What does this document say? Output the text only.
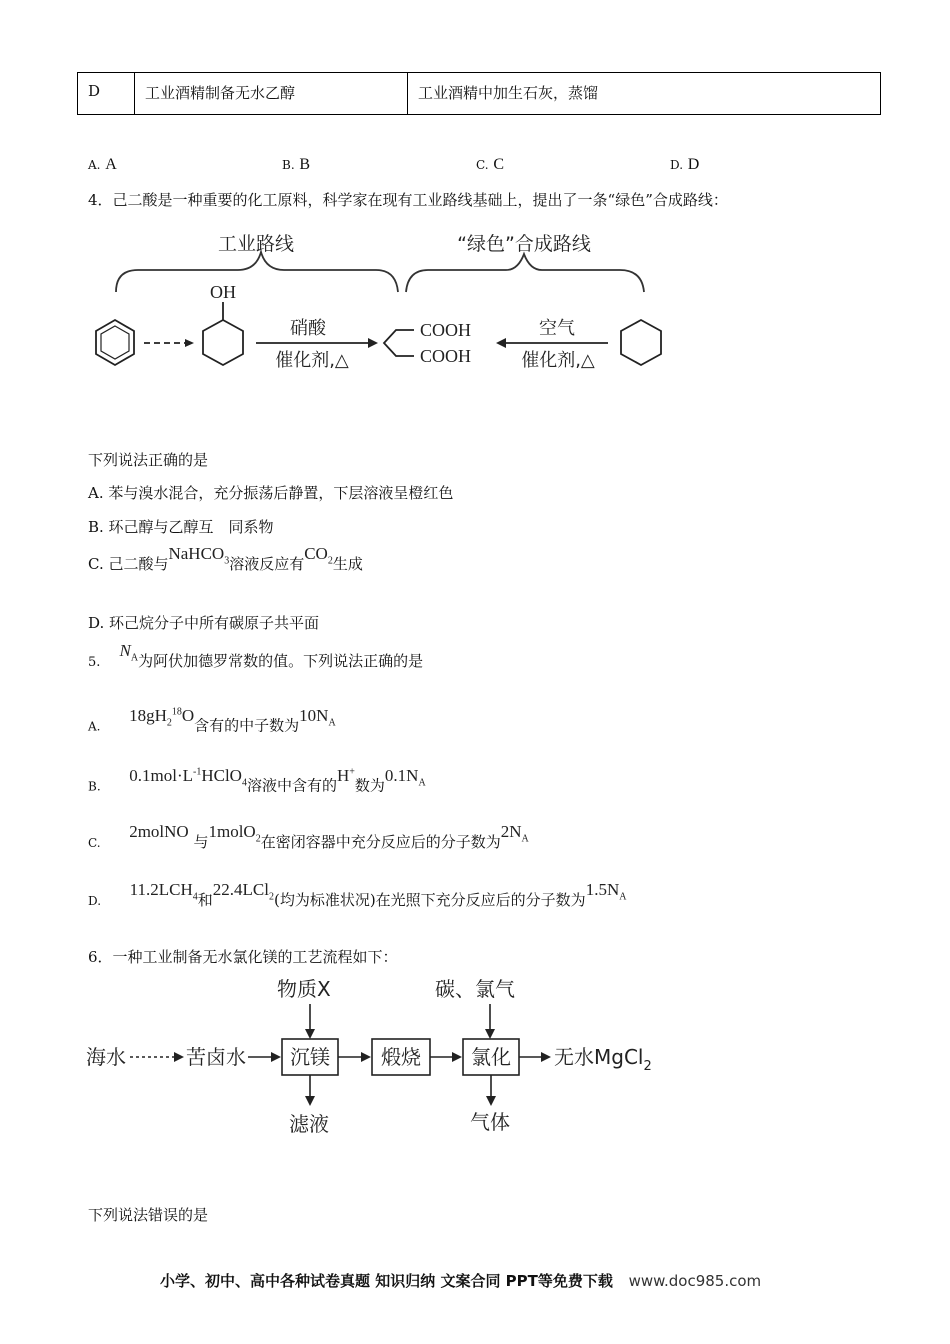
D	工业酒精制备无水乙醇	工业酒精中加生石灰，蒸馏
A. A	B. B	C. C	D. D
4．己二酸是一种重要的化工原料，科学家在现有工业路线基础上，提出了一条“绿色”合成路线：
工业路线	“绿色”合成路线
OH
硝酸
催化剂,△
COOH
COOH
空气
催化剂,△
下列说法正确的是
A. 苯与溴水混合，充分振荡后静置，下层溶液呈橙红色
B. 环己醇与乙醇互　同系物
C. 己二酸与NaHCO$_3$溶液反应有$CO_2$生成
D. 环己烷分子中所有碳原子共平面
5.    $N_A$为阿伏加德罗常数的值。下列说法正确的是
A.      $18gH_2^{18}O$含有的中子数为$10N_A$
B.      $0.1mol\cdot L^{-1}HClO_4$溶液中含有的H+数为$0.1N_A$
C.      2molNO 与1molO$_2$在密闭容器中充分反应后的分子数为$2N_A$
D.      $11.2LCH_4$和22.4LCl$_2$(均为标准状况)在光照下充分反应后的分子数为$1.5N_A$
6．一种工业制备无水氯化镁的工艺流程如下：
物质X	碳、氯气
海水	苦卤水 沉镁	煅烧	氯化 无水MgCl$_2$
滤液	气体
下列说法错误的是
小学、初中、高中各种试卷真题 知识归纳 文案合同 PPT等免费下载 www.doc985.com
